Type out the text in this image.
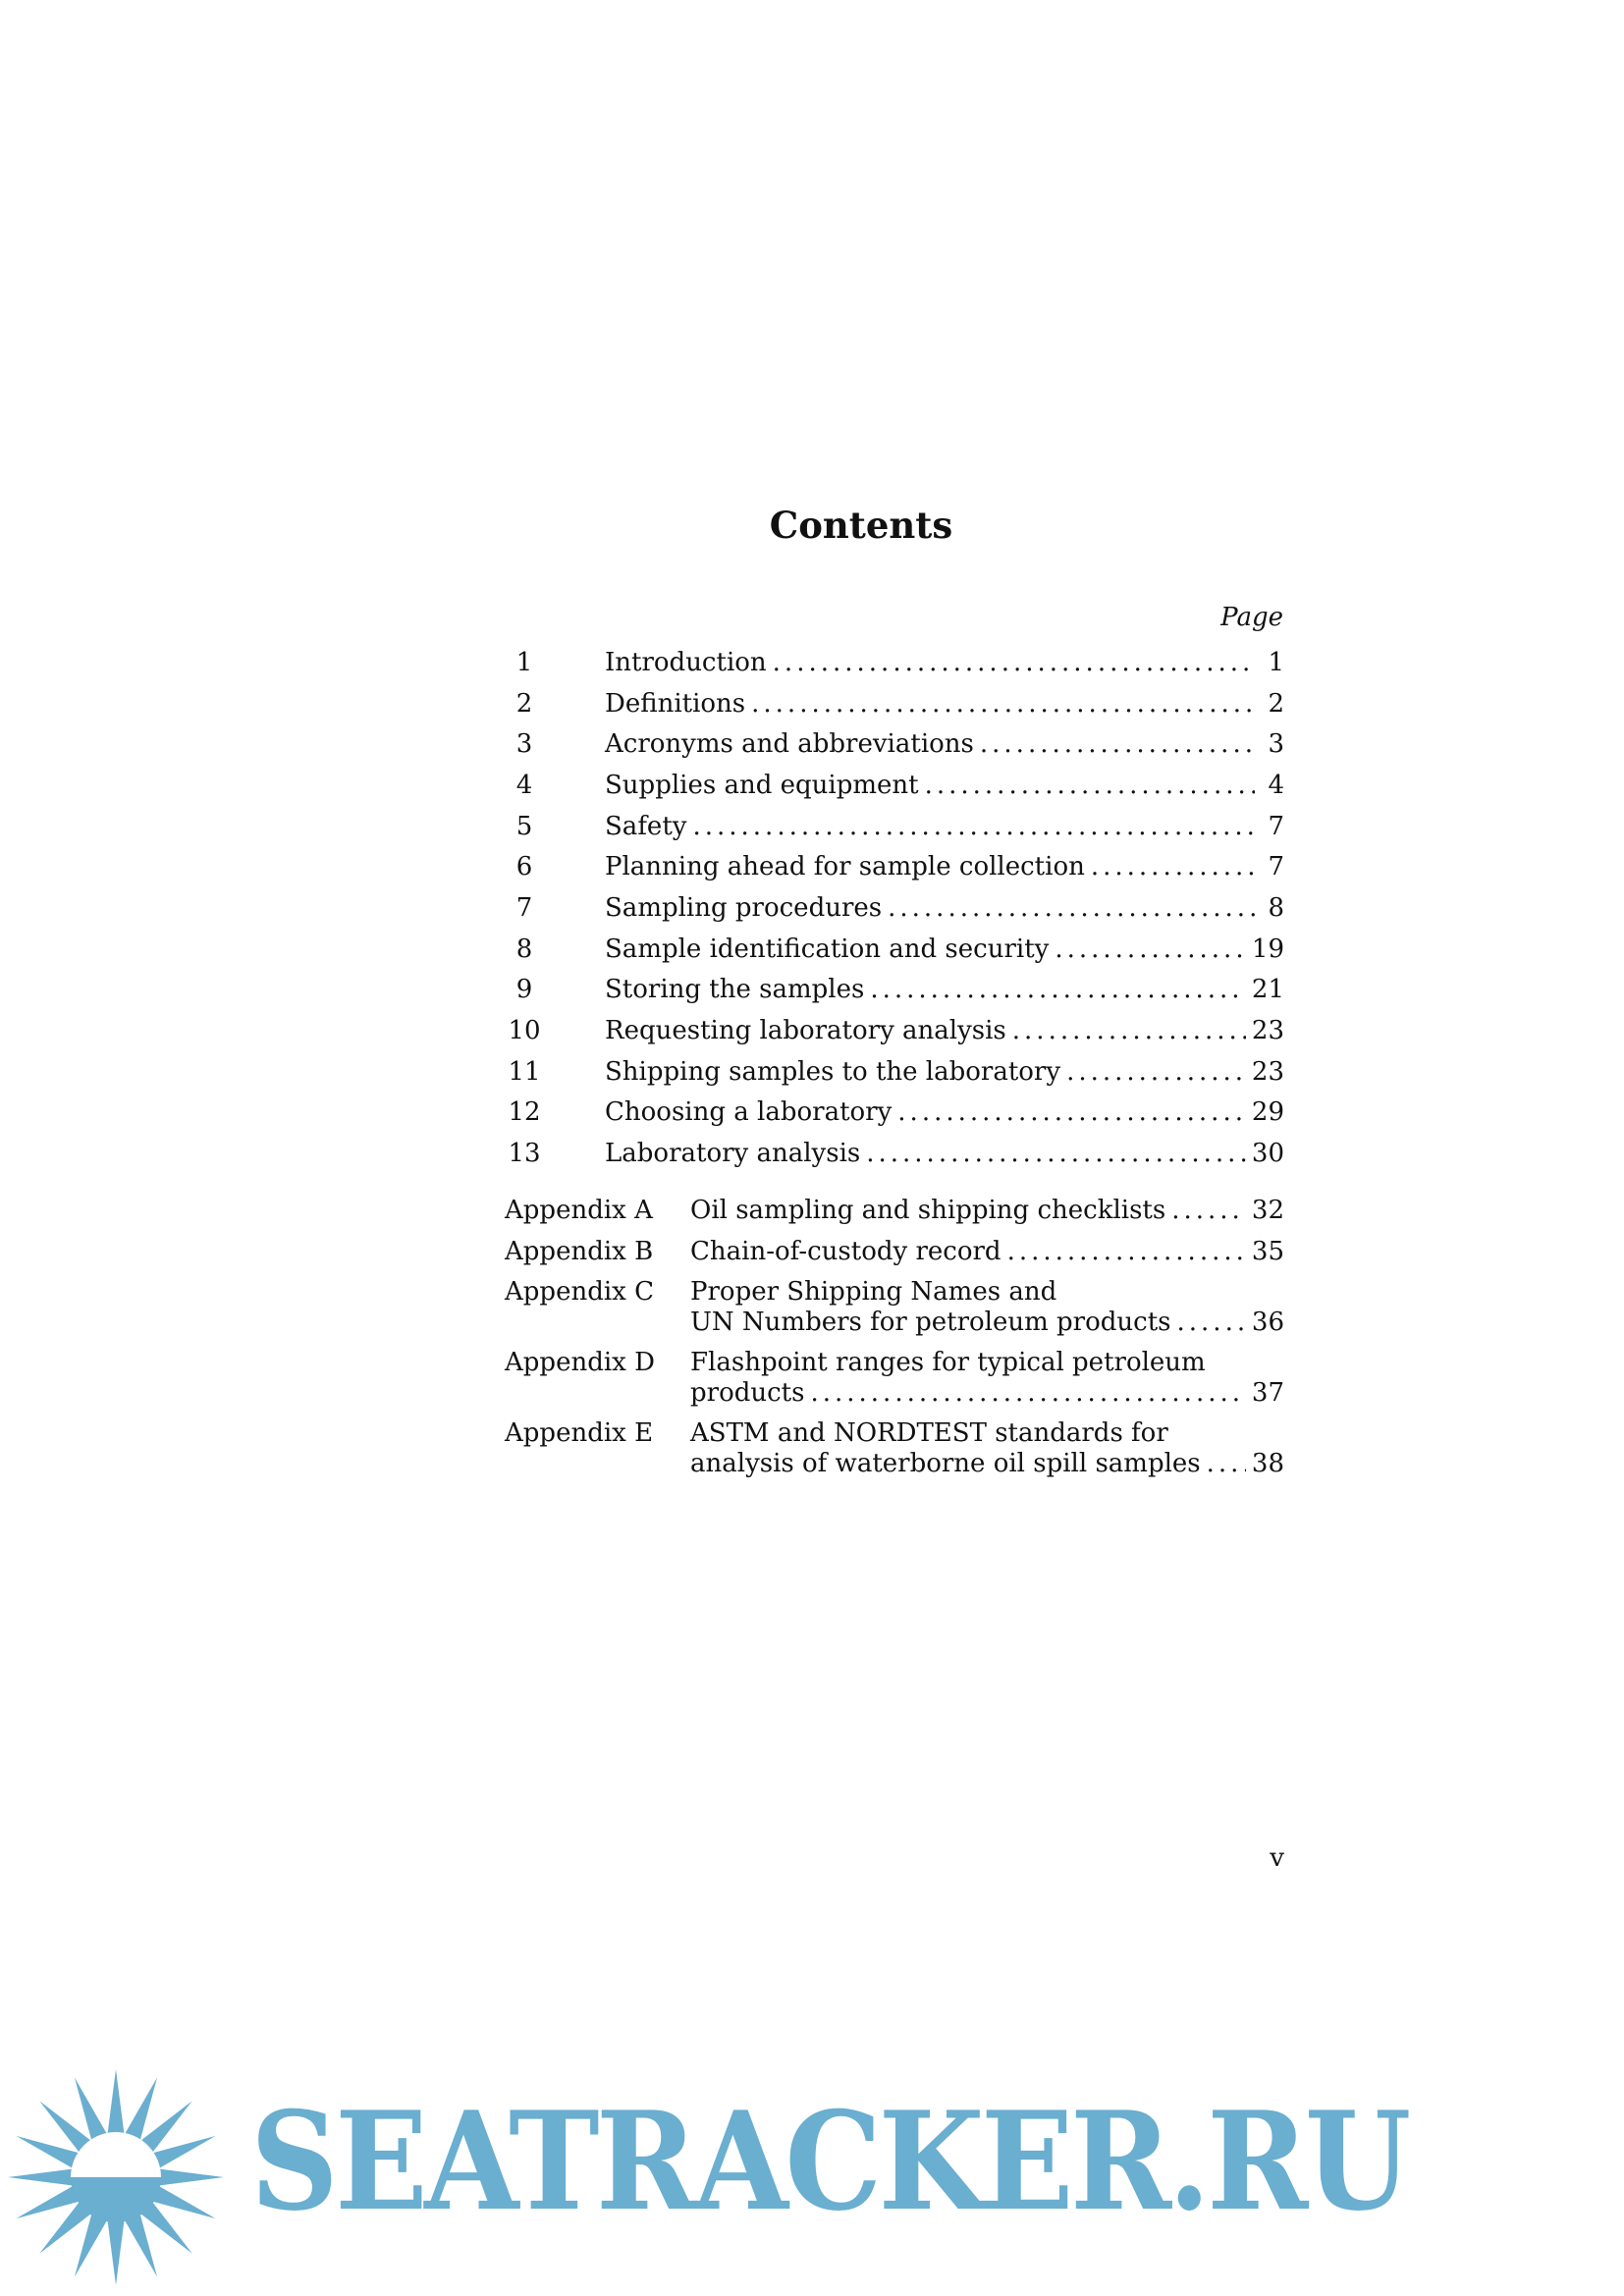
Contents
Page
1	Introduction .....	1
2	Definitions .....	2
3	Acronyms and abbreviations .....	3
4	Supplies and equipment .....	4
5	Safety .....	7
6	Planning ahead for sample collection .....	7
7	Sampling procedures .....	8
8	Sample identification and security .....	19
9	Storing the samples .....	21
10	Requesting laboratory analysis .....	23
11	Shipping samples to the laboratory .....	23
12	Choosing a laboratory .....	29
13	Laboratory analysis .....	30
Appendix A	Oil sampling and shipping checklists .....	32
Appendix B	Chain-of-custody record .....	35
Appendix C	Proper Shipping Names and
UN Numbers for petroleum products .....	36
Appendix D	Flashpoint ranges for typical petroleum
products .....	37
Appendix E	ASTM and NORDTEST standards for
analysis of waterborne oil spill samples ..... 38
v
SEATRACKER.RU
